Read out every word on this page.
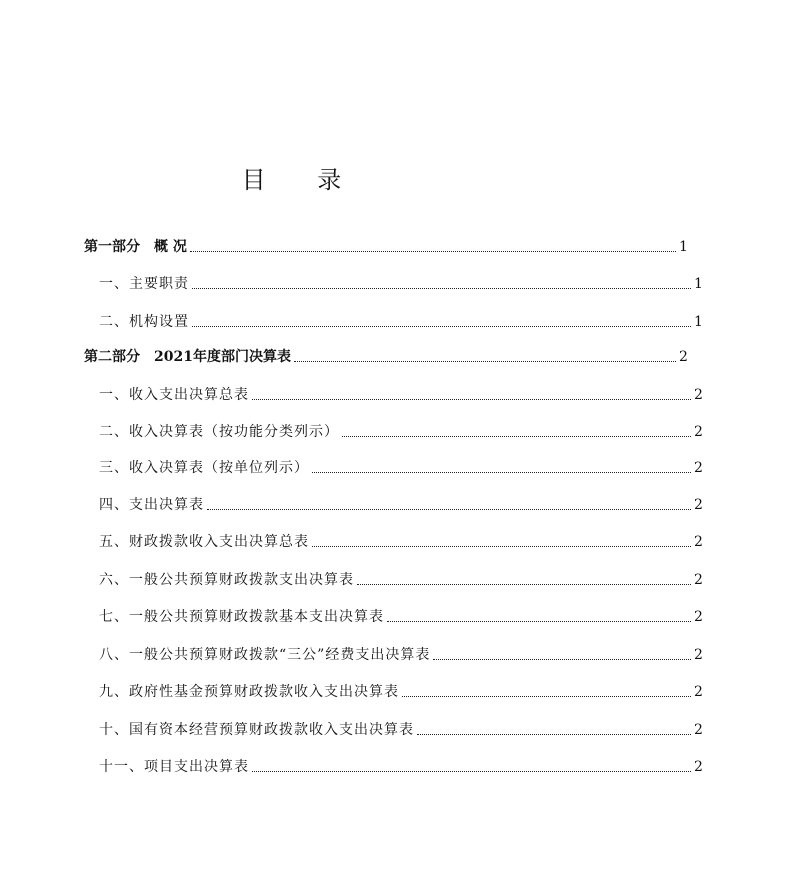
目 录
第一部分　概 况	1
一、主要职责	1
二、机构设置	1
第二部分　2021年度部门决算表	2
一、收入支出决算总表	2
二、收入决算表（按功能分类列示）	2
三、收入决算表（按单位列示）	2
四、支出决算表	2
五、财政拨款收入支出决算总表	2
六、一般公共预算财政拨款支出决算表	2
七、一般公共预算财政拨款基本支出决算表	2
八、一般公共预算财政拨款“三公”经费支出决算表	2
九、政府性基金预算财政拨款收入支出决算表	2
十、国有资本经营预算财政拨款收入支出决算表	2
十一、项目支出决算表	2
